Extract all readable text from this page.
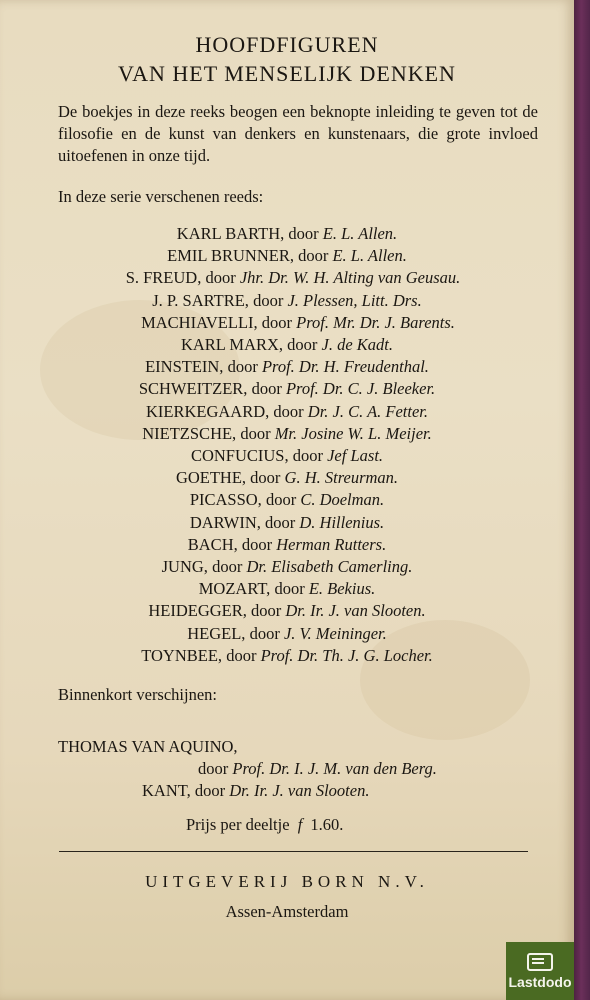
HOOFDFIGUREN
VAN HET MENSELIJK DENKEN
De boekjes in deze reeks beogen een beknopte inleiding te geven tot de filosofie en de kunst van denkers en kunstenaars, die grote invloed uitoefenen in onze tijd.
In deze serie verschenen reeds:
KARL BARTH, door E. L. Allen.
EMIL BRUNNER, door E. L. Allen.
S. FREUD, door Jhr. Dr. W. H. Alting van Geusau.
J. P. SARTRE, door J. Plessen, Litt. Drs.
MACHIAVELLI, door Prof. Mr. Dr. J. Barents.
KARL MARX, door J. de Kadt.
EINSTEIN, door Prof. Dr. H. Freudenthal.
SCHWEITZER, door Prof. Dr. C. J. Bleeker.
KIERKEGAARD, door Dr. J. C. A. Fetter.
NIETZSCHE, door Mr. Josine W. L. Meijer.
CONFUCIUS, door Jef Last.
GOETHE, door G. H. Streurman.
PICASSO, door C. Doelman.
DARWIN, door D. Hillenius.
BACH, door Herman Rutters.
JUNG, door Dr. Elisabeth Camerling.
MOZART, door E. Bekius.
HEIDEGGER, door Dr. Ir. J. van Slooten.
HEGEL, door J. V. Meininger.
TOYNBEE, door Prof. Dr. Th. J. G. Locher.
Binnenkort verschijnen:
THOMAS VAN AQUINO,
door Prof. Dr. I. J. M. van den Berg.
KANT, door Dr. Ir. J. van Slooten.
Prijs per deeltje f 1.60.
UITGEVERIJ BORN N.V.
Assen-Amsterdam
Lastdodo
